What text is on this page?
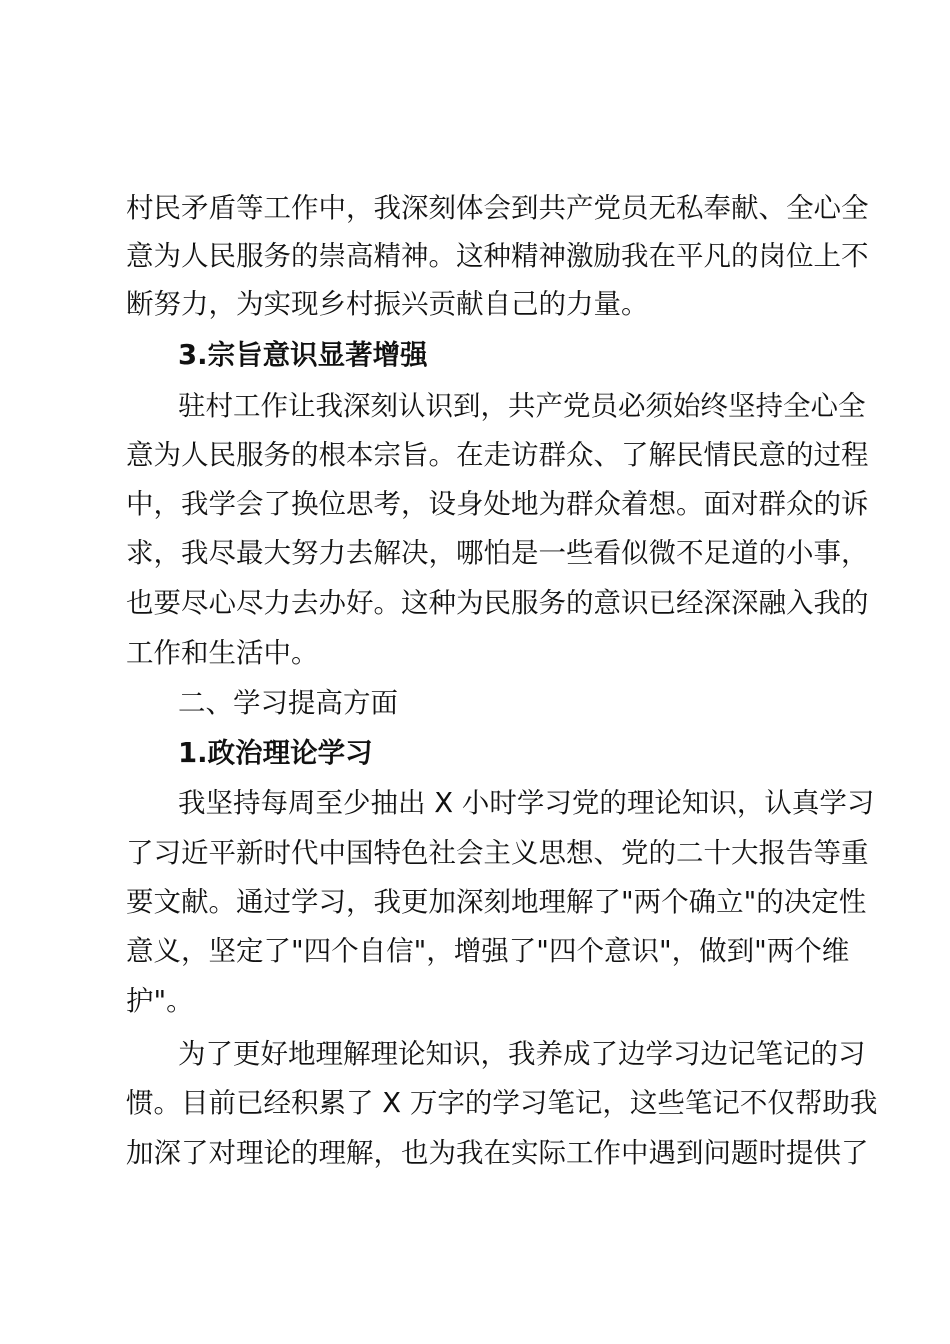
村民矛盾等工作中，我深刻体会到共产党员无私奉献、全心全
意为人民服务的崇高精神。这种精神激励我在平凡的岗位上不
断努力，为实现乡村振兴贡献自己的力量。
3.宗旨意识显著增强
驻村工作让我深刻认识到，共产党员必须始终坚持全心全
意为人民服务的根本宗旨。在走访群众、了解民情民意的过程
中，我学会了换位思考，设身处地为群众着想。面对群众的诉
求，我尽最大努力去解决，哪怕是一些看似微不足道的小事，
也要尽心尽力去办好。这种为民服务的意识已经深深融入我的
工作和生活中。
二、学习提高方面
1.政治理论学习
我坚持每周至少抽出 X 小时学习党的理论知识，认真学习
了习近平新时代中国特色社会主义思想、党的二十大报告等重
要文献。通过学习，我更加深刻地理解了"两个确立"的决定性
意义，坚定了"四个自信"，增强了"四个意识"，做到"两个维
护"。
为了更好地理解理论知识，我养成了边学习边记笔记的习
惯。目前已经积累了 X 万字的学习笔记，这些笔记不仅帮助我
加深了对理论的理解，也为我在实际工作中遇到问题时提供了
